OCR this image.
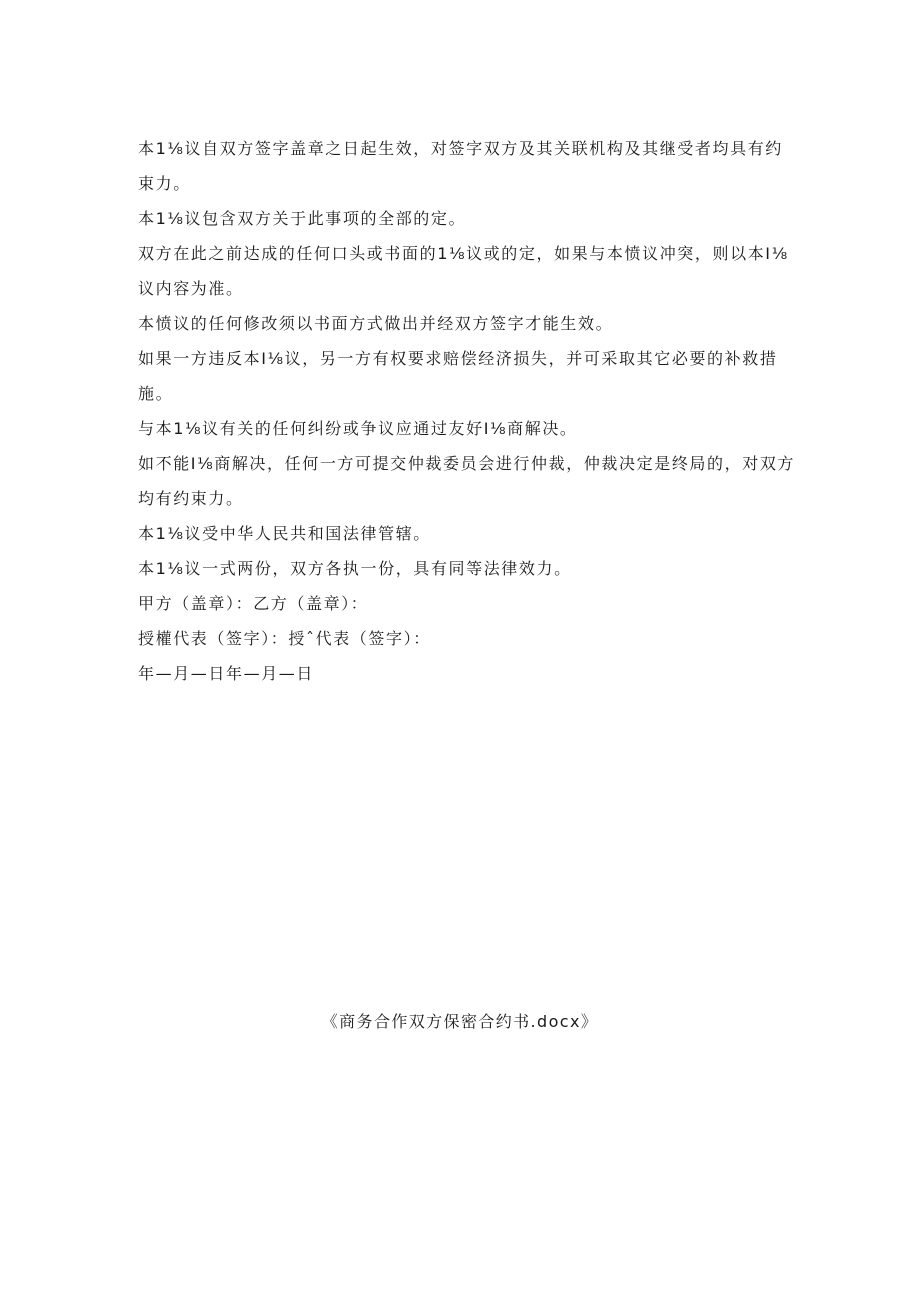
本1⅛议自双方签字盖章之日起生效，对签字双方及其关联机构及其继受者均具有约束力。

本1⅛议包含双方关于此事项的全部的定。

双方在此之前达成的任何口头或书面的1⅛议或的定，如果与本愤议冲突，则以本I⅛议内容为准。

本愤议的任何修改须以书面方式做出并经双方签字才能生效。

如果一方违反本I⅛议，另一方有权要求赔偿经济损失，并可采取其它必要的补救措施。

与本1⅛议有关的任何纠纷或争议应通过友好I⅛商解决。

如不能I⅛商解决，任何一方可提交仲裁委员会进行仲裁，仲裁决定是终局的，对双方均有约束力。

本1⅛议受中华人民共和国法律管辖。

本1⅛议一式两份，双方各执一份，具有同等法律效力。

甲方（盖章）：乙方（盖章）：

授權代表（签字）：授ˆ代表（签字）：

年—月—日年—月—日

《商务合作双方保密合约书.docx》
